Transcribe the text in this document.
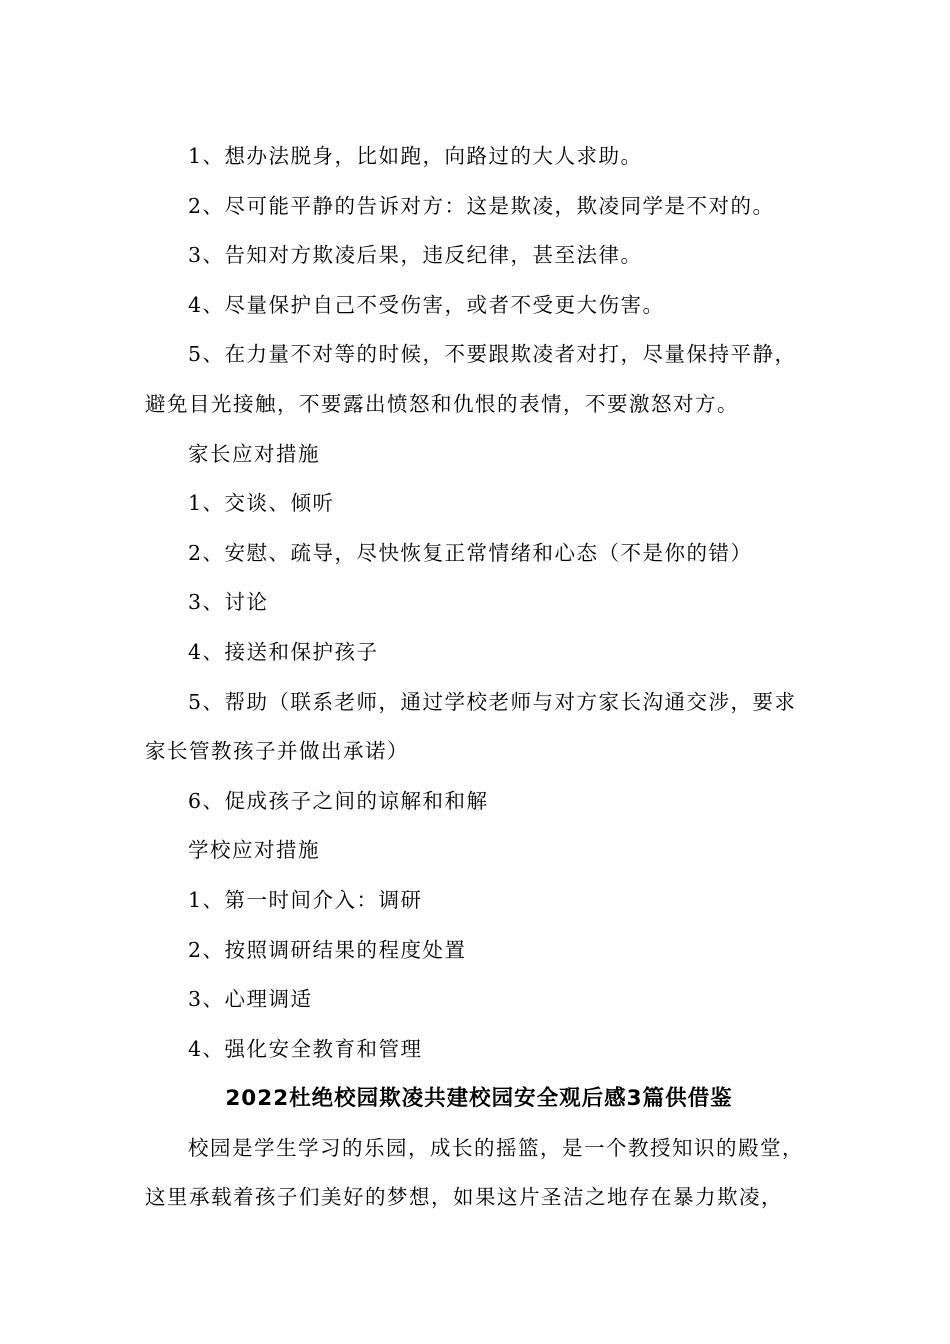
1、想办法脱身，比如跑，向路过的大人求助。
2、尽可能平静的告诉对方：这是欺凌，欺凌同学是不对的。
3、告知对方欺凌后果，违反纪律，甚至法律。
4、尽量保护自己不受伤害，或者不受更大伤害。
5、在力量不对等的时候，不要跟欺凌者对打，尽量保持平静，
避免目光接触，不要露出愤怒和仇恨的表情，不要激怒对方。
家长应对措施
1、交谈、倾听
2、安慰、疏导，尽快恢复正常情绪和心态（不是你的错）
3、讨论
4、接送和保护孩子
5、帮助（联系老师，通过学校老师与对方家长沟通交涉，要求
家长管教孩子并做出承诺）
6、促成孩子之间的谅解和和解
学校应对措施
1、第一时间介入：调研
2、按照调研结果的程度处置
3、心理调适
4、强化安全教育和管理
2022杜绝校园欺凌共建校园安全观后感3篇供借鉴
校园是学生学习的乐园，成长的摇篮，是一个教授知识的殿堂，
这里承载着孩子们美好的梦想，如果这片圣洁之地存在暴力欺凌，
